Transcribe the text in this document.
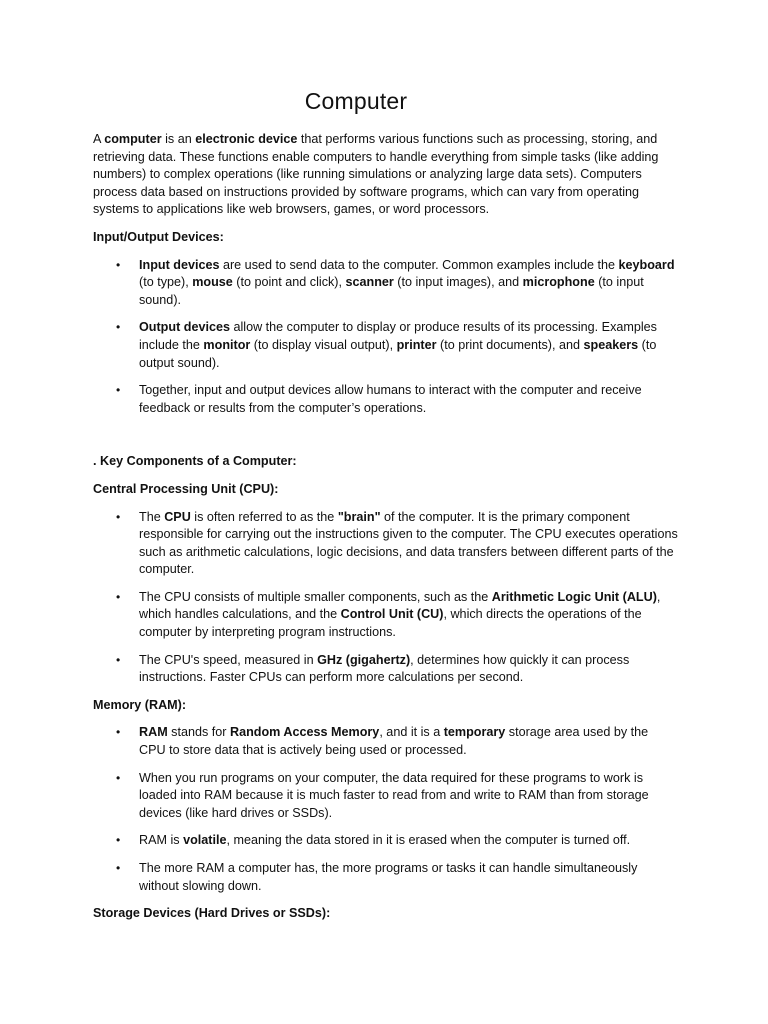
Computer

A computer is an electronic device that performs various functions such as processing, storing, and retrieving data. These functions enable computers to handle everything from simple tasks (like adding numbers) to complex operations (like running simulations or analyzing large data sets). Computers process data based on instructions provided by software programs, which can vary from operating systems to applications like web browsers, games, or word processors.

Input/Output Devices:

• Input devices are used to send data to the computer. Common examples include the keyboard (to type), mouse (to point and click), scanner (to input images), and microphone (to input sound).
• Output devices allow the computer to display or produce results of its processing. Examples include the monitor (to display visual output), printer (to print documents), and speakers (to output sound).
• Together, input and output devices allow humans to interact with the computer and receive feedback or results from the computer’s operations.

. Key Components of a Computer:

Central Processing Unit (CPU):

• The CPU is often referred to as the "brain" of the computer. It is the primary component responsible for carrying out the instructions given to the computer. The CPU executes operations such as arithmetic calculations, logic decisions, and data transfers between different parts of the computer.
• The CPU consists of multiple smaller components, such as the Arithmetic Logic Unit (ALU), which handles calculations, and the Control Unit (CU), which directs the operations of the computer by interpreting program instructions.
• The CPU's speed, measured in GHz (gigahertz), determines how quickly it can process instructions. Faster CPUs can perform more calculations per second.

Memory (RAM):

• RAM stands for Random Access Memory, and it is a temporary storage area used by the CPU to store data that is actively being used or processed.
• When you run programs on your computer, the data required for these programs to work is loaded into RAM because it is much faster to read from and write to RAM than from storage devices (like hard drives or SSDs).
• RAM is volatile, meaning the data stored in it is erased when the computer is turned off.
• The more RAM a computer has, the more programs or tasks it can handle simultaneously without slowing down.

Storage Devices (Hard Drives or SSDs):
